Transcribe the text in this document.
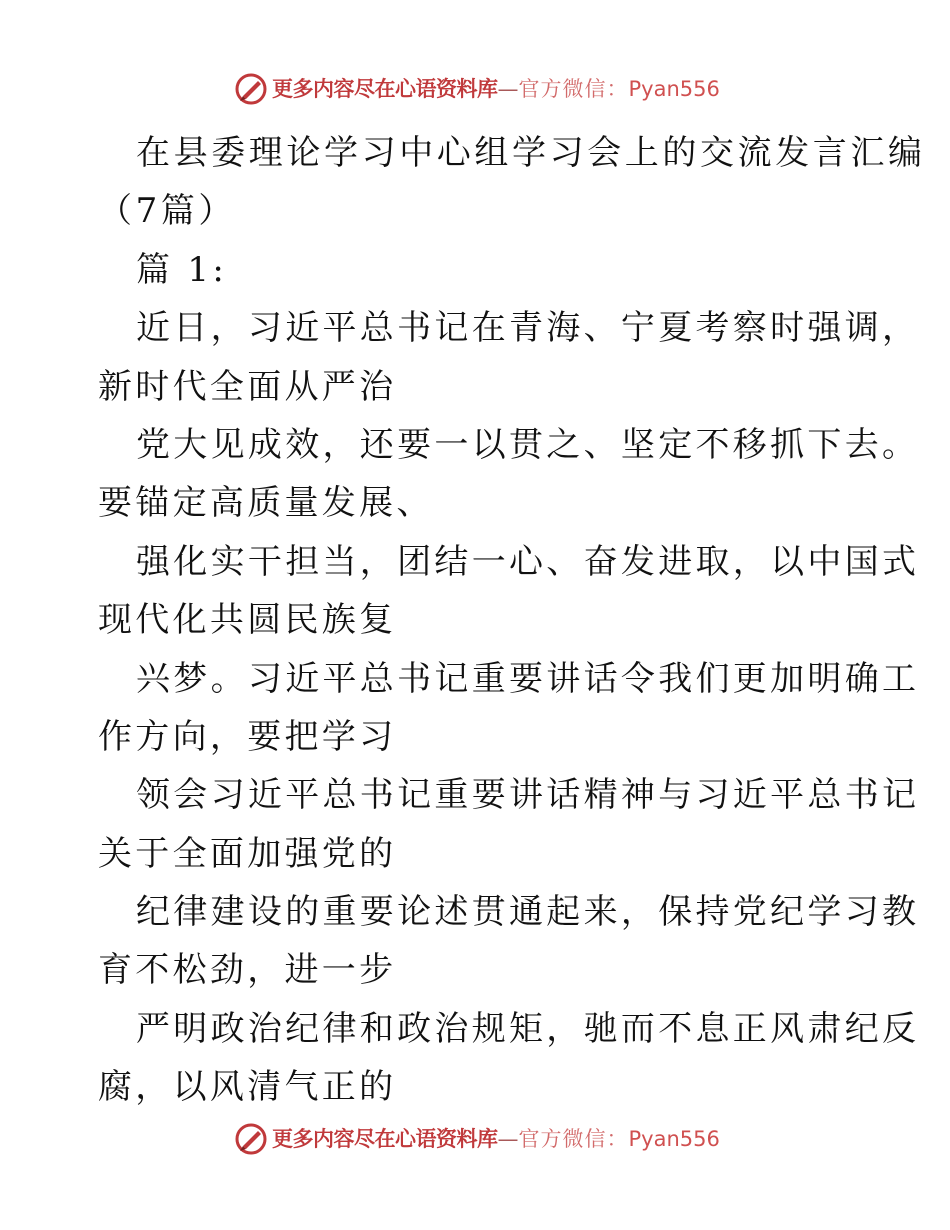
更多内容尽在心语资料库—官方微信：Pyan556
在县委理论学习中心组学习会上的交流发言汇编
（7篇）
篇 1:
近日，习近平总书记在青海、宁夏考察时强调，
新时代全面从严治
党大见成效，还要一以贯之、坚定不移抓下去。
要锚定高质量发展、
强化实干担当，团结一心、奋发进取，以中国式
现代化共圆民族复
兴梦。习近平总书记重要讲话令我们更加明确工
作方向，要把学习
领会习近平总书记重要讲话精神与习近平总书记
关于全面加强党的
纪律建设的重要论述贯通起来，保持党纪学习教
育不松劲，进一步
严明政治纪律和政治规矩，驰而不息正风肃纪反
腐，以风清气正的
更多内容尽在心语资料库—官方微信：Pyan556
